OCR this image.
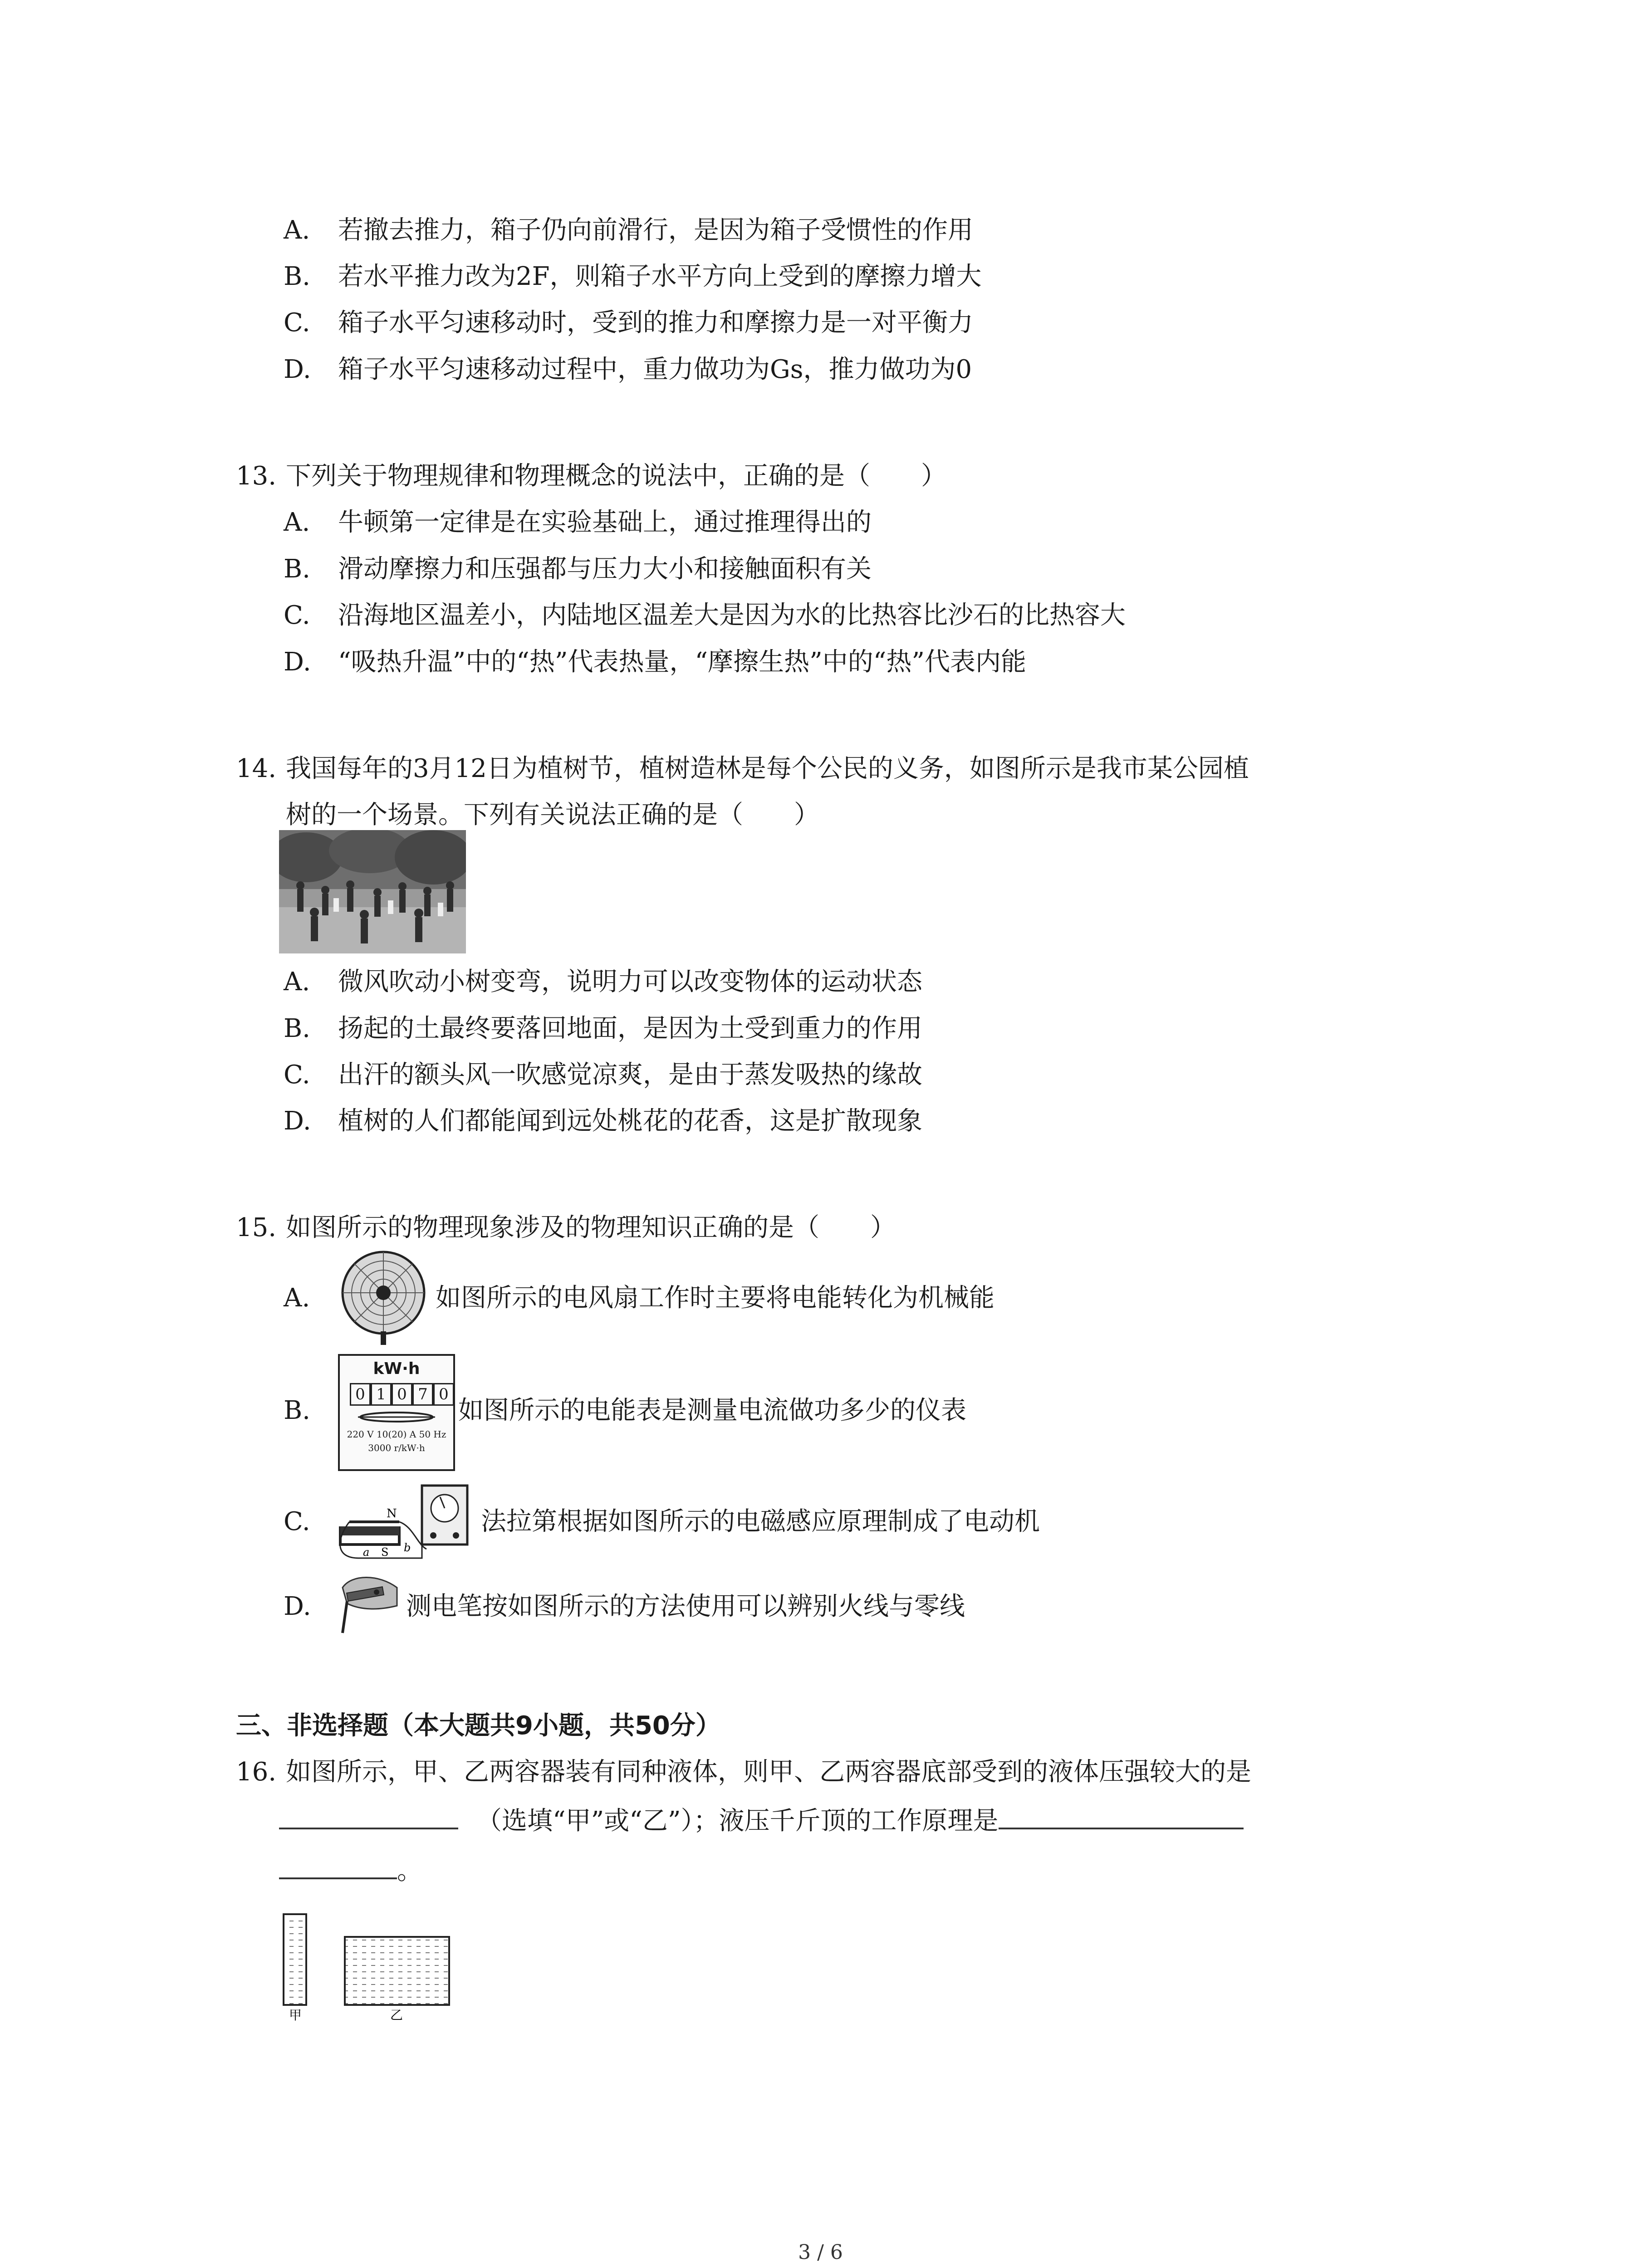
A. 若撤去推力，箱子仍向前滑行，是因为箱子受惯性的作用
B. 若水平推力改为2F，则箱子水平方向上受到的摩擦力增大
C. 箱子水平匀速移动时，受到的推力和摩擦力是一对平衡力
D. 箱子水平匀速移动过程中，重力做功为Gs，推力做功为0
13. 下列关于物理规律和物理概念的说法中，正确的是（　　）
A. 牛顿第一定律是在实验基础上，通过推理得出的
B. 滑动摩擦力和压强都与压力大小和接触面积有关
C. 沿海地区温差小，内陆地区温差大是因为水的比热容比沙石的比热容大
D. “吸热升温”中的“热”代表热量，“摩擦生热”中的“热”代表内能
14. 我国每年的3月12日为植树节，植树造林是每个公民的义务，如图所示是我市某公园植
树的一个场景。下列有关说法正确的是（　　）
A. 微风吹动小树变弯，说明力可以改变物体的运动状态
B. 扬起的土最终要落回地面，是因为土受到重力的作用
C. 出汗的额头风一吹感觉凉爽，是由于蒸发吸热的缘故
D. 植树的人们都能闻到远处桃花的花香，这是扩散现象
15. 如图所示的物理现象涉及的物理知识正确的是（　　）
A.	如图所示的电风扇工作时主要将电能转化为机械能
B.
kW·h
0 1 0 7 0
220 V 10(20) A 50 Hz
3000 r/kW·h
如图所示的电能表是测量电流做功多少的仪表
C.	N
a S b
法拉第根据如图所示的电磁感应原理制成了电动机
D.	测电笔按如图所示的方法使用可以辨别火线与零线
三、非选择题（本大题共9小题，共50分）
16. 如图所示，甲、乙两容器装有同种液体，则甲、乙两容器底部受到的液体压强较大的是
（选填“甲”或“乙”）；液压千斤顶的工作原理是
。
甲	乙
3 / 6
